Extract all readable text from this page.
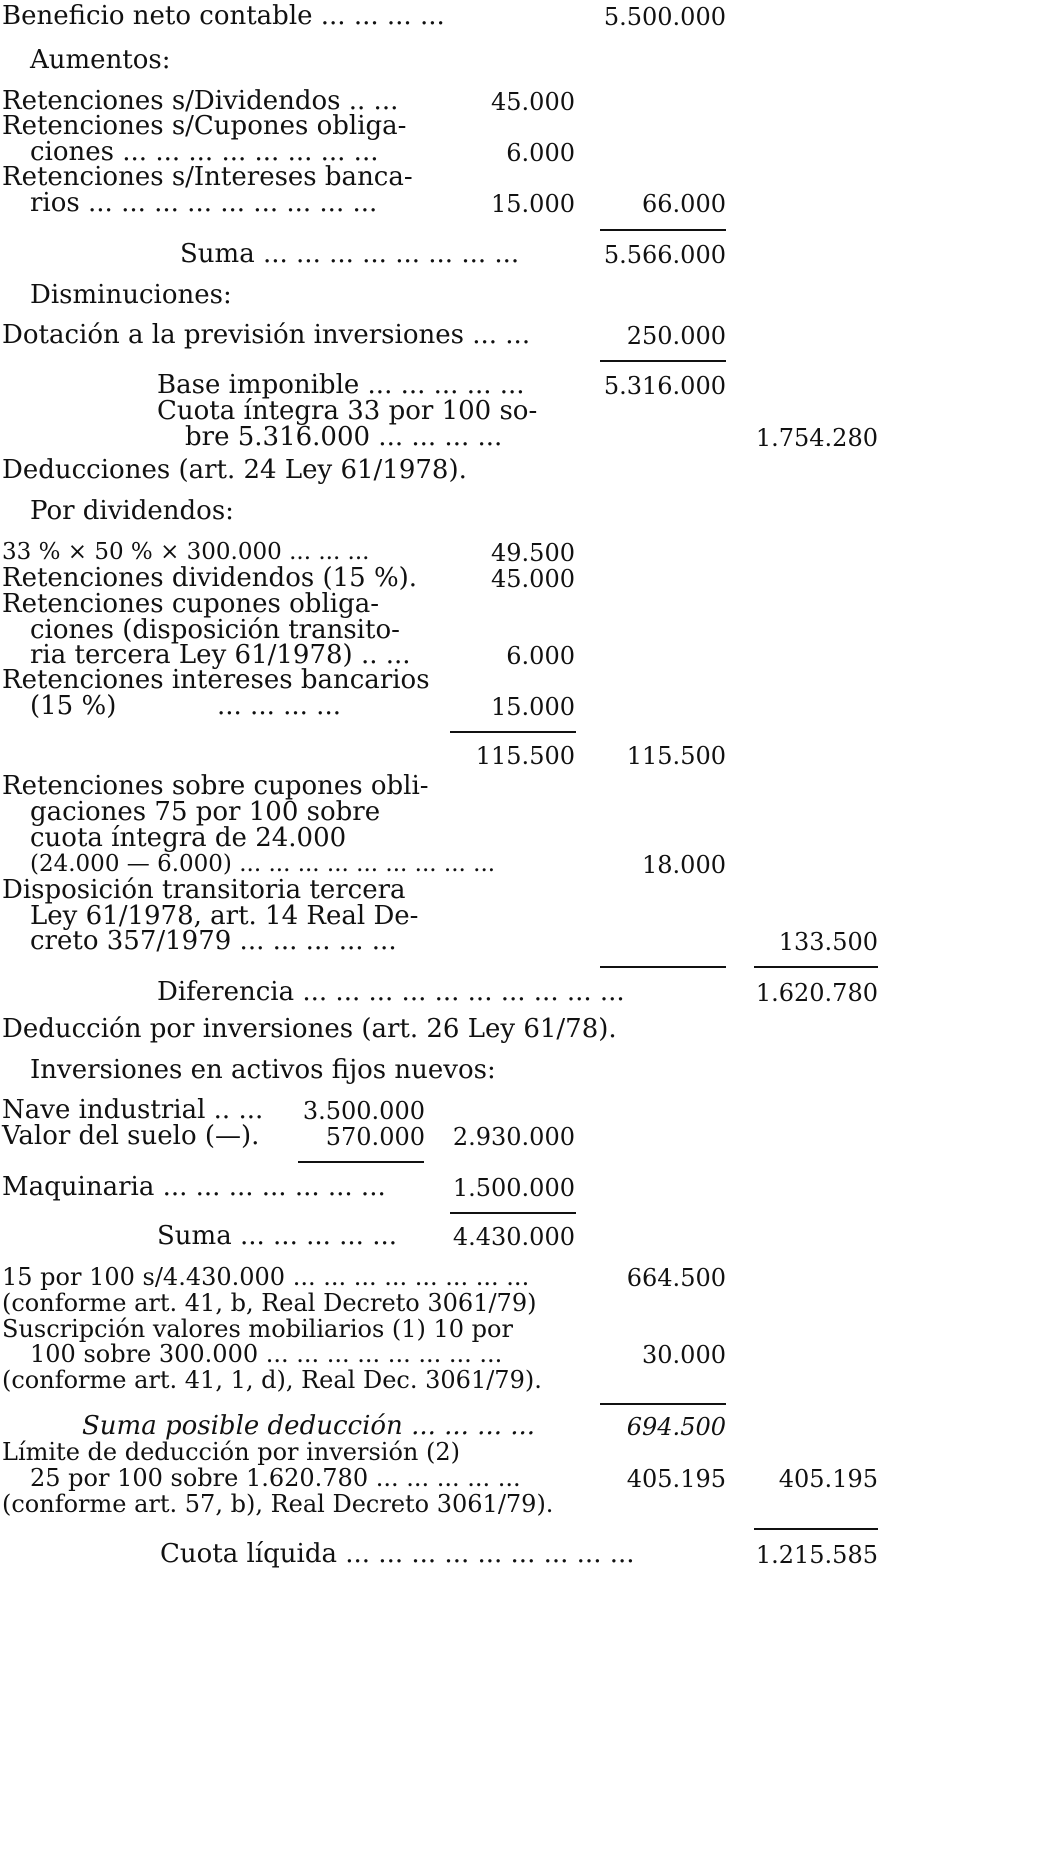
Beneficio neto contable ... ... ... ...	5.500.000
Aumentos:
Retenciones s/Dividendos .. ...	45.000
Retenciones s/Cupones obliga-
ciones ... ... ... ... ... ... ... ...	6.000
Retenciones s/Intereses banca-
rios ... ... ... ... ... ... ... ... ...	15.000	66.000
Suma ... ... ... ... ... ... ... ...	5.566.000
Disminuciones:
Dotación a la previsión inversiones ... ...	250.000
Base imponible ... ... ... ... ...	5.316.000
Cuota íntegra 33 por 100 so-
bre 5.316.000 ... ... ... ...	1.754.280
Deducciones (art. 24 Ley 61/1978).
Por dividendos:
33 % × 50 % × 300.000 ... ... ...	49.500
Retenciones dividendos (15 %).	45.000
Retenciones cupones obliga-
ciones (disposición transito-
ria tercera Ley 61/1978) .. ...	6.000
Retenciones intereses bancarios
(15 %)	... ... ... ...	15.000
115.500 115.500
Retenciones sobre cupones obli-
gaciones 75 por 100 sobre
cuota íntegra de 24.000
(24.000 — 6.000) ... ... ... ... ... ... ... ... ...	18.000
Disposición transitoria tercera
Ley 61/1978, art. 14 Real De-
creto 357/1979 ... ... ... ... ...	133.500
Diferencia ... ... ... ... ... ... ... ... ... ...	1.620.780
Deducción por inversiones (art. 26 Ley 61/78).
Inversiones en activos fijos nuevos:
Nave industrial .. ... 3.500.000
Valor del suelo (—).	570.000 2.930.000
Maquinaria ... ... ... ... ... ... ...	1.500.000
Suma ... ... ... ... ... 4.430.000
15 por 100 s/4.430.000 ... ... ... ... ... ... ... ...	664.500
(conforme art. 41, b, Real Decreto 3061/79)
Suscripción valores mobiliarios (1) 10 por
100 sobre 300.000 ... ... ... ... ... ... ... ...	30.000
(conforme art. 41, 1, d), Real Dec. 3061/79).
Suma posible deducción ... ... ... ...	694.500
Límite de deducción por inversión (2)
25 por 100 sobre 1.620.780 ... ... ... ... ...	405.195 405.195
(conforme art. 57, b), Real Decreto 3061/79).
Cuota líquida ... ... ... ... ... ... ... ... ...	1.215.585
